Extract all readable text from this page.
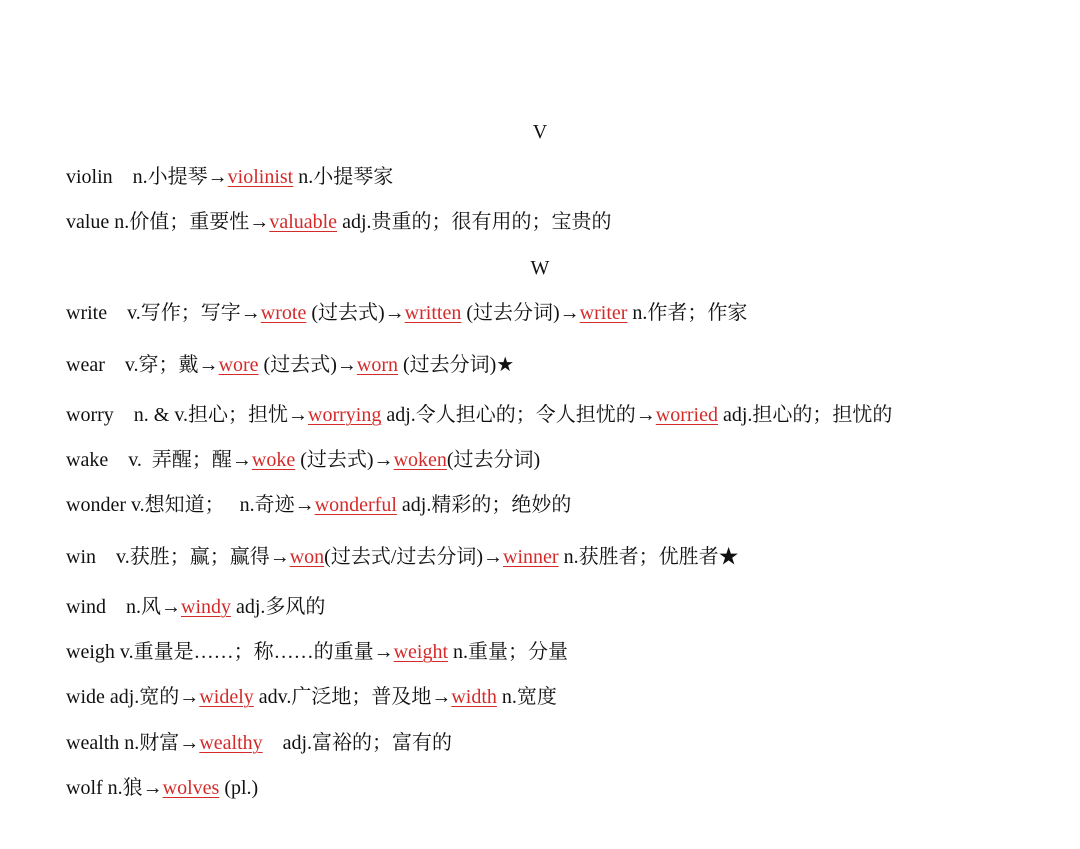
V
violin    n.小提琴→violinist n.小提琴家
value n.价值；重要性→valuable adj.贵重的；很有用的；宝贵的
W
write    v.写作；写字→wrote (过去式)→written (过去分词)→writer n.作者；作家
wear    v.穿；戴→wore (过去式)→worn (过去分词)★
worry    n. & v.担心；担忧→worrying adj.令人担心的；令人担忧的→worried adj.担心的；担忧的
wake    v.  弄醒；醒→woke (过去式)→woken(过去分词)
wonder v.想知道；   n.奇迹→wonderful adj.精彩的；绝妙的
win    v.获胜；赢；赢得→won(过去式/过去分词)→winner n.获胜者；优胜者★
wind    n.风→windy adj.多风的
weigh v.重量是……；称……的重量→weight n.重量；分量
wide adj.宽的→widely adv.广泛地；普及地→width n.宽度
wealth n.财富→wealthy    adj.富裕的；富有的
wolf n.狼→wolves (pl.)
